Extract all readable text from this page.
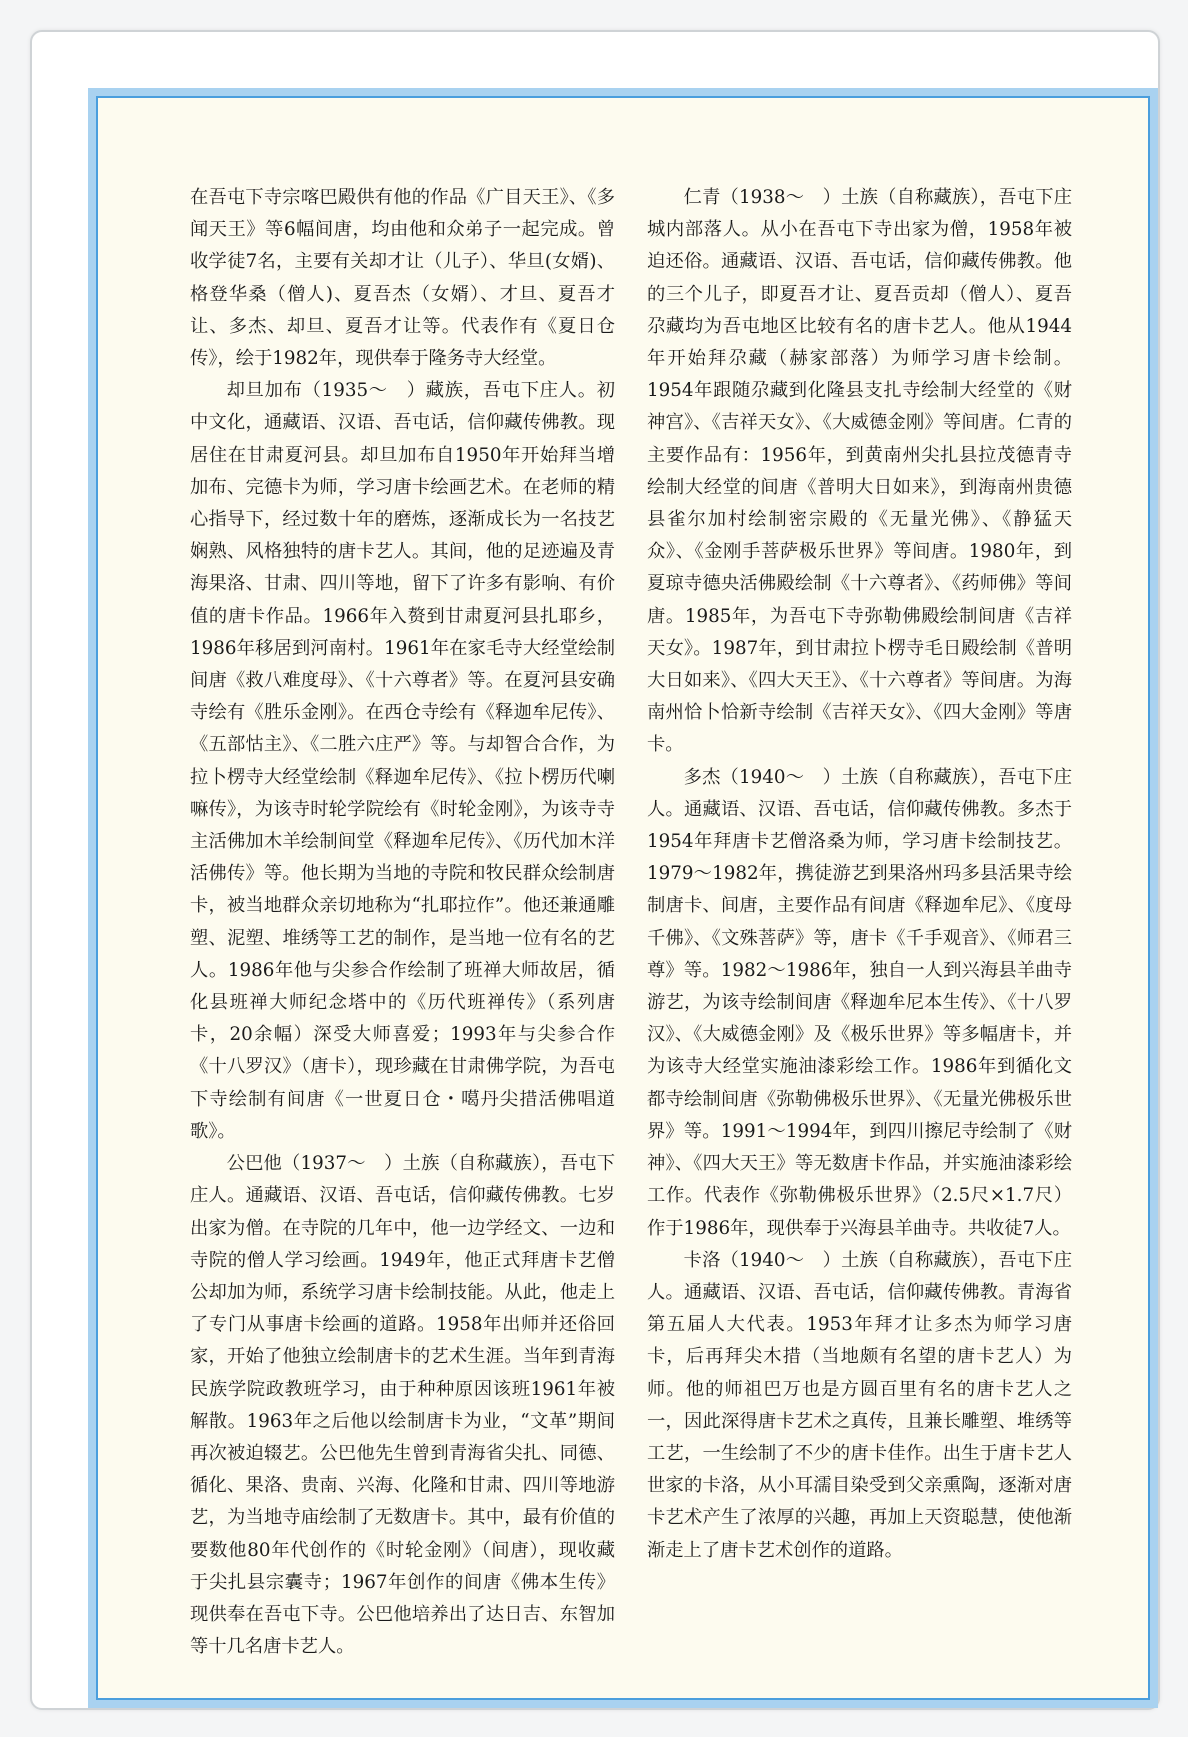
在吾屯下寺宗喀巴殿供有他的作品《广目天王》、《多闻天王》等6幅间唐，均由他和众弟子一起完成。曾收学徒7名，主要有关却才让（儿子）、华旦(女婿)、格登华桑（僧人)、夏吾杰（女婿）、才旦、夏吾才让、多杰、却旦、夏吾才让等。代表作有《夏日仓传》，绘于1982年，现供奉于隆务寺大经堂。

却旦加布（1935～　）藏族，吾屯下庄人。初中文化，通藏语、汉语、吾屯话，信仰藏传佛教。现居住在甘肃夏河县。却旦加布自1950年开始拜当增加布、完德卡为师，学习唐卡绘画艺术。在老师的精心指导下，经过数十年的磨炼，逐渐成长为一名技艺娴熟、风格独特的唐卡艺人。其间，他的足迹遍及青海果洛、甘肃、四川等地，留下了许多有影响、有价值的唐卡作品。1966年入赘到甘肃夏河县扎耶乡，1986年移居到河南村。1961年在家毛寺大经堂绘制间唐《救八难度母》、《十六尊者》等。在夏河县安确寺绘有《胜乐金刚》。在西仓寺绘有《释迦牟尼传》、《五部怙主》、《二胜六庄严》等。与却智合合作，为拉卜楞寺大经堂绘制《释迦牟尼传》、《拉卜楞历代喇嘛传》，为该寺时轮学院绘有《时轮金刚》，为该寺寺主活佛加木羊绘制间堂《释迦牟尼传》、《历代加木洋活佛传》等。他长期为当地的寺院和牧民群众绘制唐卡，被当地群众亲切地称为“扎耶拉作”。他还兼通雕塑、泥塑、堆绣等工艺的制作，是当地一位有名的艺人。1986年他与尖参合作绘制了班禅大师故居，循化县班禅大师纪念塔中的《历代班禅传》（系列唐卡，20余幅）深受大师喜爱；1993年与尖参合作《十八罗汉》（唐卡），现珍藏在甘肃佛学院，为吾屯下寺绘制有间唐《一世夏日仓・噶丹尖措活佛唱道歌》。

公巴他（1937～　）土族（自称藏族），吾屯下庄人。通藏语、汉语、吾屯话，信仰藏传佛教。七岁出家为僧。在寺院的几年中，他一边学经文、一边和寺院的僧人学习绘画。1949年，他正式拜唐卡艺僧公却加为师，系统学习唐卡绘制技能。从此，他走上了专门从事唐卡绘画的道路。1958年出师并还俗回家，开始了他独立绘制唐卡的艺术生涯。当年到青海民族学院政教班学习，由于种种原因该班1961年被解散。1963年之后他以绘制唐卡为业，“文革”期间再次被迫辍艺。公巴他先生曾到青海省尖扎、同德、循化、果洛、贵南、兴海、化隆和甘肃、四川等地游艺，为当地寺庙绘制了无数唐卡。其中，最有价值的要数他80年代创作的《时轮金刚》（间唐），现收藏于尖扎县宗囊寺；1967年创作的间唐《佛本生传》现供奉在吾屯下寺。公巴他培养出了达日吉、东智加等十几名唐卡艺人。

仁青（1938～　）土族（自称藏族），吾屯下庄城内部落人。从小在吾屯下寺出家为僧，1958年被迫还俗。通藏语、汉语、吾屯话，信仰藏传佛教。他的三个儿子，即夏吾才让、夏吾贡却（僧人）、夏吾尕藏均为吾屯地区比较有名的唐卡艺人。他从1944年开始拜尕藏（赫家部落）为师学习唐卡绘制。1954年跟随尕藏到化隆县支扎寺绘制大经堂的《财神宫》、《吉祥天女》、《大威德金刚》等间唐。仁青的主要作品有：1956年，到黄南州尖扎县拉茂德青寺绘制大经堂的间唐《普明大日如来》，到海南州贵德县雀尔加村绘制密宗殿的《无量光佛》、《静猛天众》、《金刚手菩萨极乐世界》等间唐。1980年，到夏琼寺德央活佛殿绘制《十六尊者》、《药师佛》等间唐。1985年，为吾屯下寺弥勒佛殿绘制间唐《吉祥天女》。1987年，到甘肃拉卜楞寺毛日殿绘制《普明大日如来》、《四大天王》、《十六尊者》等间唐。为海南州恰卜恰新寺绘制《吉祥天女》、《四大金刚》等唐卡。

多杰（1940～　）土族（自称藏族），吾屯下庄人。通藏语、汉语、吾屯话，信仰藏传佛教。多杰于1954年拜唐卡艺僧洛桑为师，学习唐卡绘制技艺。1979～1982年，携徒游艺到果洛州玛多县活果寺绘制唐卡、间唐，主要作品有间唐《释迦牟尼》、《度母千佛》、《文殊菩萨》等，唐卡《千手观音》、《师君三尊》等。1982～1986年，独自一人到兴海县羊曲寺游艺，为该寺绘制间唐《释迦牟尼本生传》、《十八罗汉》、《大威德金刚》及《极乐世界》等多幅唐卡，并为该寺大经堂实施油漆彩绘工作。1986年到循化文都寺绘制间唐《弥勒佛极乐世界》、《无量光佛极乐世界》等。1991～1994年，到四川擦尼寺绘制了《财神》、《四大天王》等无数唐卡作品，并实施油漆彩绘工作。代表作《弥勒佛极乐世界》（2.5尺×1.7尺）作于1986年，现供奉于兴海县羊曲寺。共收徒7人。

卡洛（1940～　）土族（自称藏族），吾屯下庄人。通藏语、汉语、吾屯话，信仰藏传佛教。青海省第五届人大代表。1953年拜才让多杰为师学习唐卡，后再拜尖木措（当地颇有名望的唐卡艺人）为师。他的师祖巴万也是方圆百里有名的唐卡艺人之一，因此深得唐卡艺术之真传，且兼长雕塑、堆绣等工艺，一生绘制了不少的唐卡佳作。出生于唐卡艺人世家的卡洛，从小耳濡目染受到父亲熏陶，逐渐对唐卡艺术产生了浓厚的兴趣，再加上天资聪慧，使他渐渐走上了唐卡艺术创作的道路。
